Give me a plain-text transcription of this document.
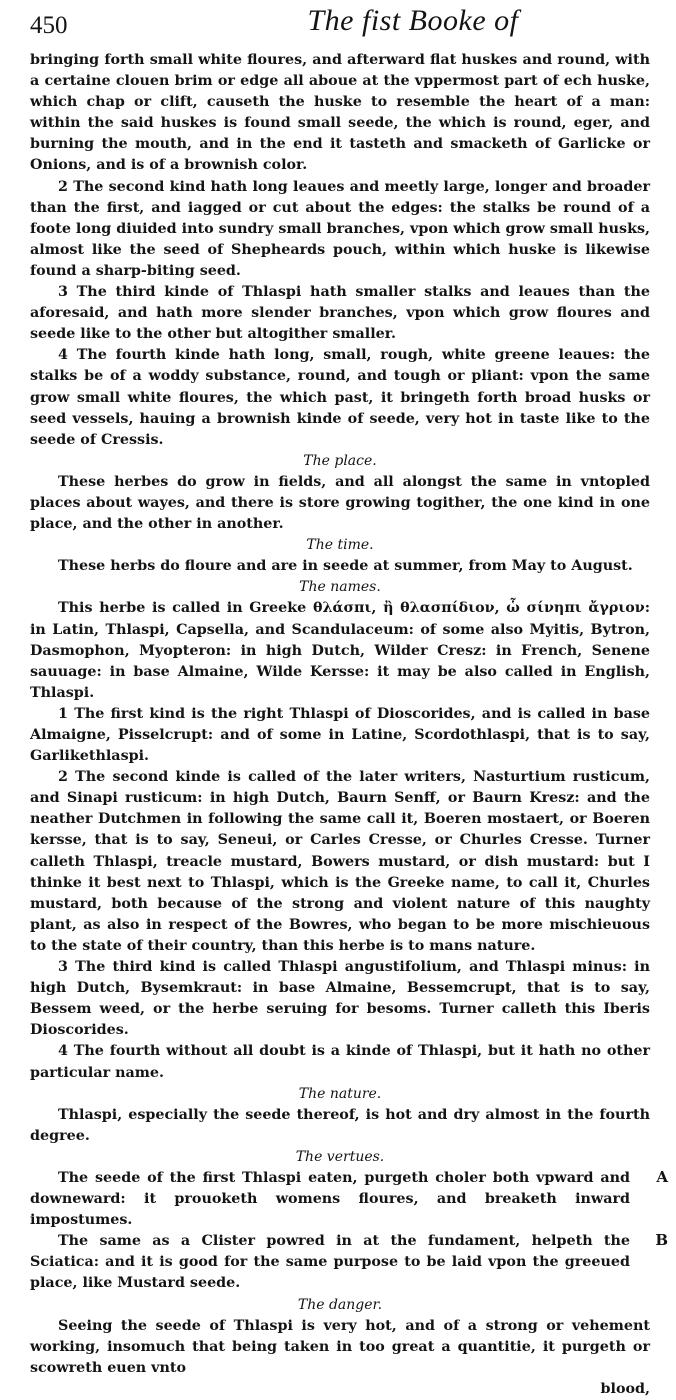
450	The fist Booke of

bringing forth small white floures, and afterward flat huskes and round, with a certaine clouen brim or edge all aboue at the vppermost part of ech huske, which chap or clift, causeth the huske to resemble the heart of a man: within the said huskes is found small seede, the which is round, eger, and burning the mouth, and in the end it tasteth and smacketh of Garlicke or Onions, and is of a brownish color.

2 The second kind hath long leaues and meetly large, longer and broader than the first, and iagged or cut about the edges: the stalks be round of a foote long diuided into sundry small branches, vpon which grow small husks, almost like the seed of Shepheards pouch, within which huske is likewise found a sharp-biting seed.

3 The third kinde of Thlaspi hath smaller stalks and leaues than the aforesaid, and hath more slender branches, vpon which grow floures and seede like to the other but altogither smaller.

4 The fourth kinde hath long, small, rough, white greene leaues: the stalks be of a woddy substance, round, and tough or pliant: vpon the same grow small white floures, the which past, it bringeth forth broad husks or seed vessels, hauing a brownish kinde of seede, very hot in taste like to the seede of Cressis.

The place.

These herbes do grow in fields, and all alongst the same in vntopled places about wayes, and there is store growing togither, the one kind in one place, and the other in another.

The time.

These herbs do floure and are in seede at summer, from May to August.

The names.

This herbe is called in Greeke θλάσπι, ἢ θλασπίδιον, ὧ σίνηπι ἄγριον: in Latin, Thlaspi, Capsella, and Scandulaceum: of some also Myitis, Bytron, Dasmophon, Myopteron: in high Dutch, Wilder Cresz: in French, Senene sauuage: in base Almaine, Wilde Kersse: it may be also called in English, Thlaspi.

1 The first kind is the right Thlaspi of Dioscorides, and is called in base Almaigne, Pisselcrupt: and of some in Latine, Scordothlaspi, that is to say, Garlikethlaspi.

2 The second kinde is called of the later writers, Nasturtium rusticum, and Sinapi rusticum: in high Dutch, Baurn Senff, or Baurn Kresz: and the neather Dutchmen in following the same call it, Boeren mostaert, or Boeren kersse, that is to say, Seneui, or Carles Cresse, or Churles Cresse. Turner calleth Thlaspi, treacle mustard, Bowers mustard, or dish mustard: but I thinke it best next to Thlaspi, which is the Greeke name, to call it, Churles mustard, both because of the strong and violent nature of this naughty plant, as also in respect of the Bowres, who began to be more mischieuous to the state of their country, than this herbe is to mans nature.

3 The third kind is called Thlaspi angustifolium, and Thlaspi minus: in high Dutch, Bysemkraut: in base Almaine, Bessemcrupt, that is to say, Bessem weed, or the herbe seruing for besoms. Turner calleth this Iberis Dioscorides.

4 The fourth without all doubt is a kinde of Thlaspi, but it hath no other particular name.

The nature.

Thlaspi, especially the seede thereof, is hot and dry almost in the fourth degree.

The vertues.

The seede of the first Thlaspi eaten, purgeth choler both vpward and downeward: it prouoketh womens floures, and breaketh inward impostumes.

A

The same as a Clister powred in at the fundament, helpeth the Sciatica: and it is good for the same purpose to be laid vpon the greeued place, like Mustard seede.

B

The danger.

Seeing the seede of Thlaspi is very hot, and of a strong or vehement working, insomuch that being taken in too great a quantitie, it purgeth or scowreth euen vnto

blood,
